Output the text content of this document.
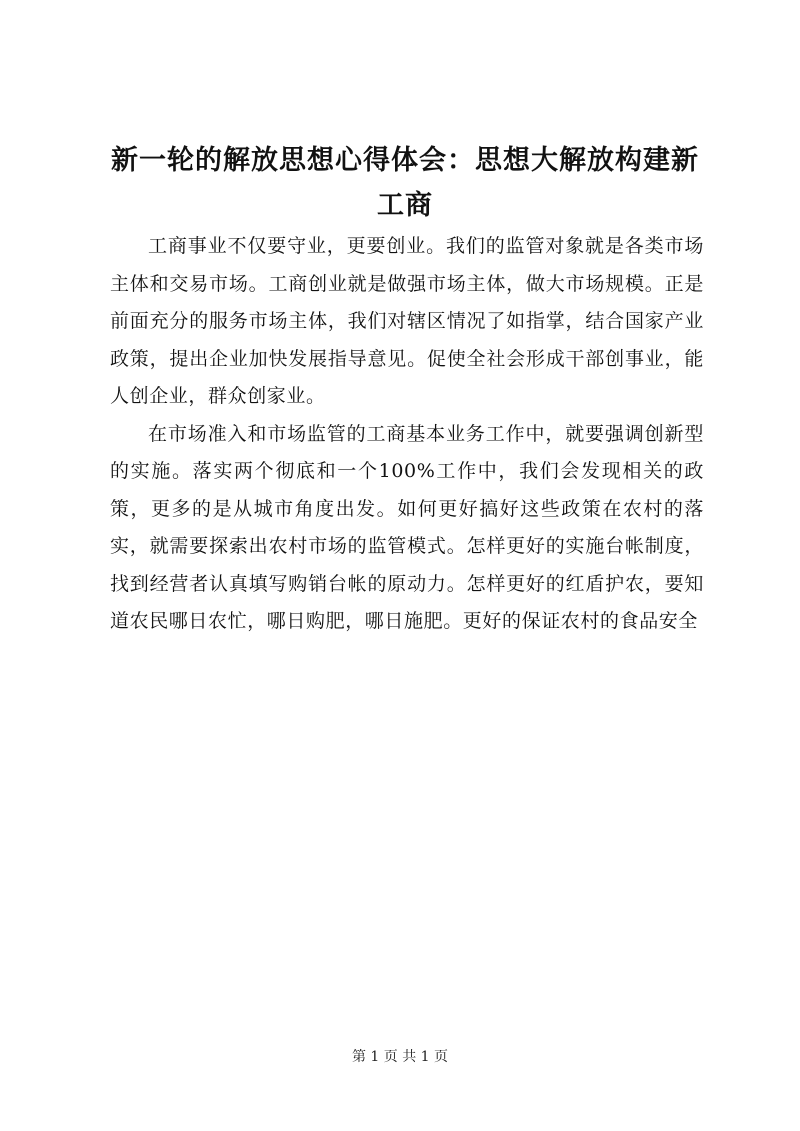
新一轮的解放思想心得体会：思想大解放构建新工商

工商事业不仅要守业，更要创业。我们的监管对象就是各类市场主体和交易市场。工商创业就是做强市场主体，做大市场规模。正是前面充分的服务市场主体，我们对辖区情况了如指掌，结合国家产业政策，提出企业加快发展指导意见。促使全社会形成干部创事业，能人创企业，群众创家业。

在市场准入和市场监管的工商基本业务工作中，就要强调创新型的实施。落实两个彻底和一个100%工作中，我们会发现相关的政策，更多的是从城市角度出发。如何更好搞好这些政策在农村的落实，就需要探索出农村市场的监管模式。怎样更好的实施台帐制度，找到经营者认真填写购销台帐的原动力。怎样更好的红盾护农，要知道农民哪日农忙，哪日购肥，哪日施肥。更好的保证农村的食品安全

第 1 页 共 1 页
